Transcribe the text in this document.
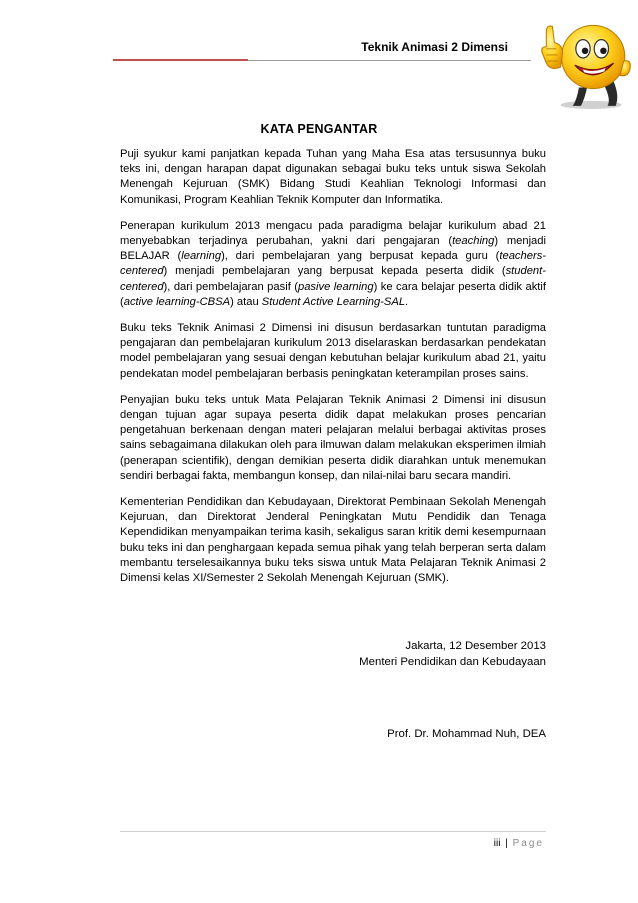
Teknik Animasi 2 Dimensi
KATA PENGANTAR

Puji syukur kami panjatkan kepada Tuhan yang Maha Esa atas tersusunnya buku teks ini, dengan harapan dapat digunakan sebagai buku teks untuk siswa Sekolah Menengah Kejuruan (SMK) Bidang Studi Keahlian Teknologi Informasi dan Komunikasi, Program Keahlian Teknik Komputer dan Informatika.

Penerapan kurikulum 2013 mengacu pada paradigma belajar kurikulum abad 21 menyebabkan terjadinya perubahan, yakni dari pengajaran (teaching) menjadi BELAJAR (learning), dari pembelajaran yang berpusat kepada guru (teachers-centered) menjadi pembelajaran yang berpusat kepada peserta didik (student-centered), dari pembelajaran pasif (pasive learning) ke cara belajar peserta didik aktif (active learning-CBSA) atau Student Active Learning-SAL.

Buku teks Teknik Animasi 2 Dimensi ini disusun berdasarkan tuntutan paradigma pengajaran dan pembelajaran kurikulum 2013 diselaraskan berdasarkan pendekatan model pembelajaran yang sesuai dengan kebutuhan belajar kurikulum abad 21, yaitu pendekatan model pembelajaran berbasis peningkatan keterampilan proses sains.

Penyajian buku teks untuk Mata Pelajaran Teknik Animasi 2 Dimensi ini disusun dengan tujuan agar supaya peserta didik dapat melakukan proses pencarian pengetahuan berkenaan dengan materi pelajaran melalui berbagai aktivitas proses sains sebagaimana dilakukan oleh para ilmuwan dalam melakukan eksperimen ilmiah (penerapan scientifik), dengan demikian peserta didik diarahkan untuk menemukan sendiri berbagai fakta, membangun konsep, dan nilai-nilai baru secara mandiri.

Kementerian Pendidikan dan Kebudayaan, Direktorat Pembinaan Sekolah Menengah Kejuruan, dan Direktorat Jenderal Peningkatan Mutu Pendidik dan Tenaga Kependidikan menyampaikan terima kasih, sekaligus saran kritik demi kesempurnaan buku teks ini dan penghargaan kepada semua pihak yang telah berperan serta dalam membantu terselesaikannya buku teks siswa untuk Mata Pelajaran Teknik Animasi 2 Dimensi kelas XI/Semester 2 Sekolah Menengah Kejuruan (SMK).

Jakarta, 12 Desember 2013
Menteri Pendidikan dan Kebudayaan
Prof. Dr. Mohammad Nuh, DEA
iii | Page
